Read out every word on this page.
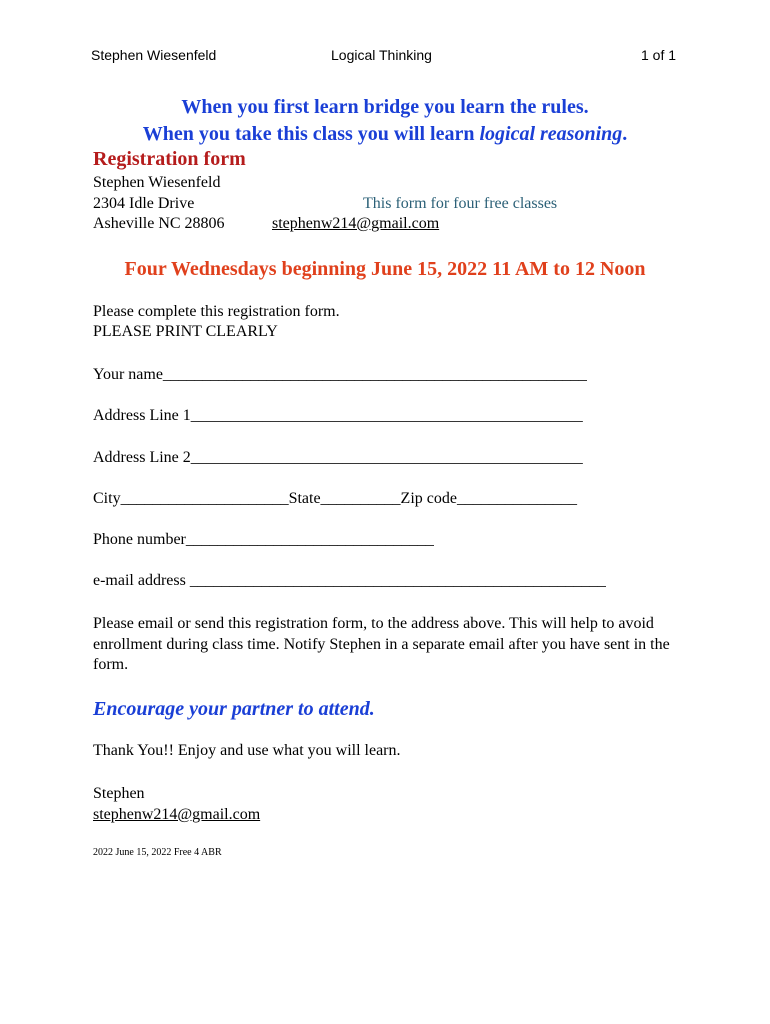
Stephen Wiesenfeld	Logical Thinking	1 of 1
When you first learn bridge you learn the rules.
When you take this class you will learn logical reasoning.
Registration form
Stephen Wiesenfeld
2304 Idle Drive
Asheville NC 28806
This form for four free classes
stephenw214@gmail.com
Four Wednesdays beginning June 15, 2022 11 AM to 12 Noon
Please complete this registration form.
PLEASE PRINT CLEARLY
Your name_____________________________________________________
Address Line 1_________________________________________________
Address Line 2_________________________________________________
City_____________________State__________Zip code_______________
Phone number_______________________________
e-mail address ____________________________________________________
Please email or send this registration form, to the address above. This will help to avoid enrollment during class time. Notify Stephen in a separate email after you have sent in the form.
Encourage your partner to attend.
Thank You!! Enjoy and use what you will learn.
Stephen
stephenw214@gmail.com
2022 June 15, 2022 Free 4 ABR
